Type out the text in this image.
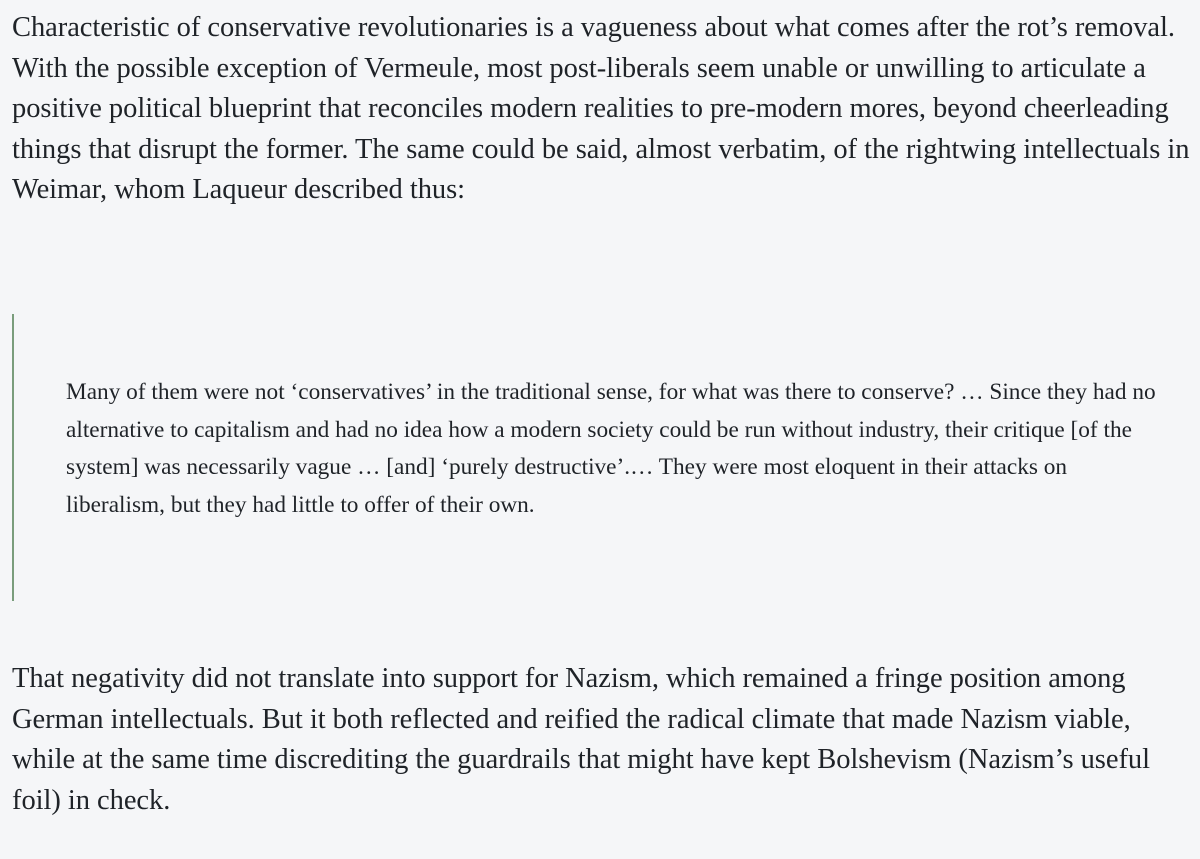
Characteristic of conservative revolutionaries is a vagueness about what comes after the rot’s removal. With the possible exception of Vermeule, most post-liberals seem unable or unwilling to articulate a positive political blueprint that reconciles modern realities to pre-modern mores, beyond cheerleading things that disrupt the former. The same could be said, almost verbatim, of the rightwing intellectuals in Weimar, whom Laqueur described thus:

Many of them were not ‘conservatives’ in the traditional sense, for what was there to conserve? … Since they had no alternative to capitalism and had no idea how a modern society could be run without industry, their critique [of the system] was necessarily vague … [and] ‘purely destructive’.… They were most eloquent in their attacks on liberalism, but they had little to offer of their own.

That negativity did not translate into support for Nazism, which remained a fringe position among German intellectuals. But it both reflected and reified the radical climate that made Nazism viable, while at the same time discrediting the guardrails that might have kept Bolshevism (Nazism’s useful foil) in check.
